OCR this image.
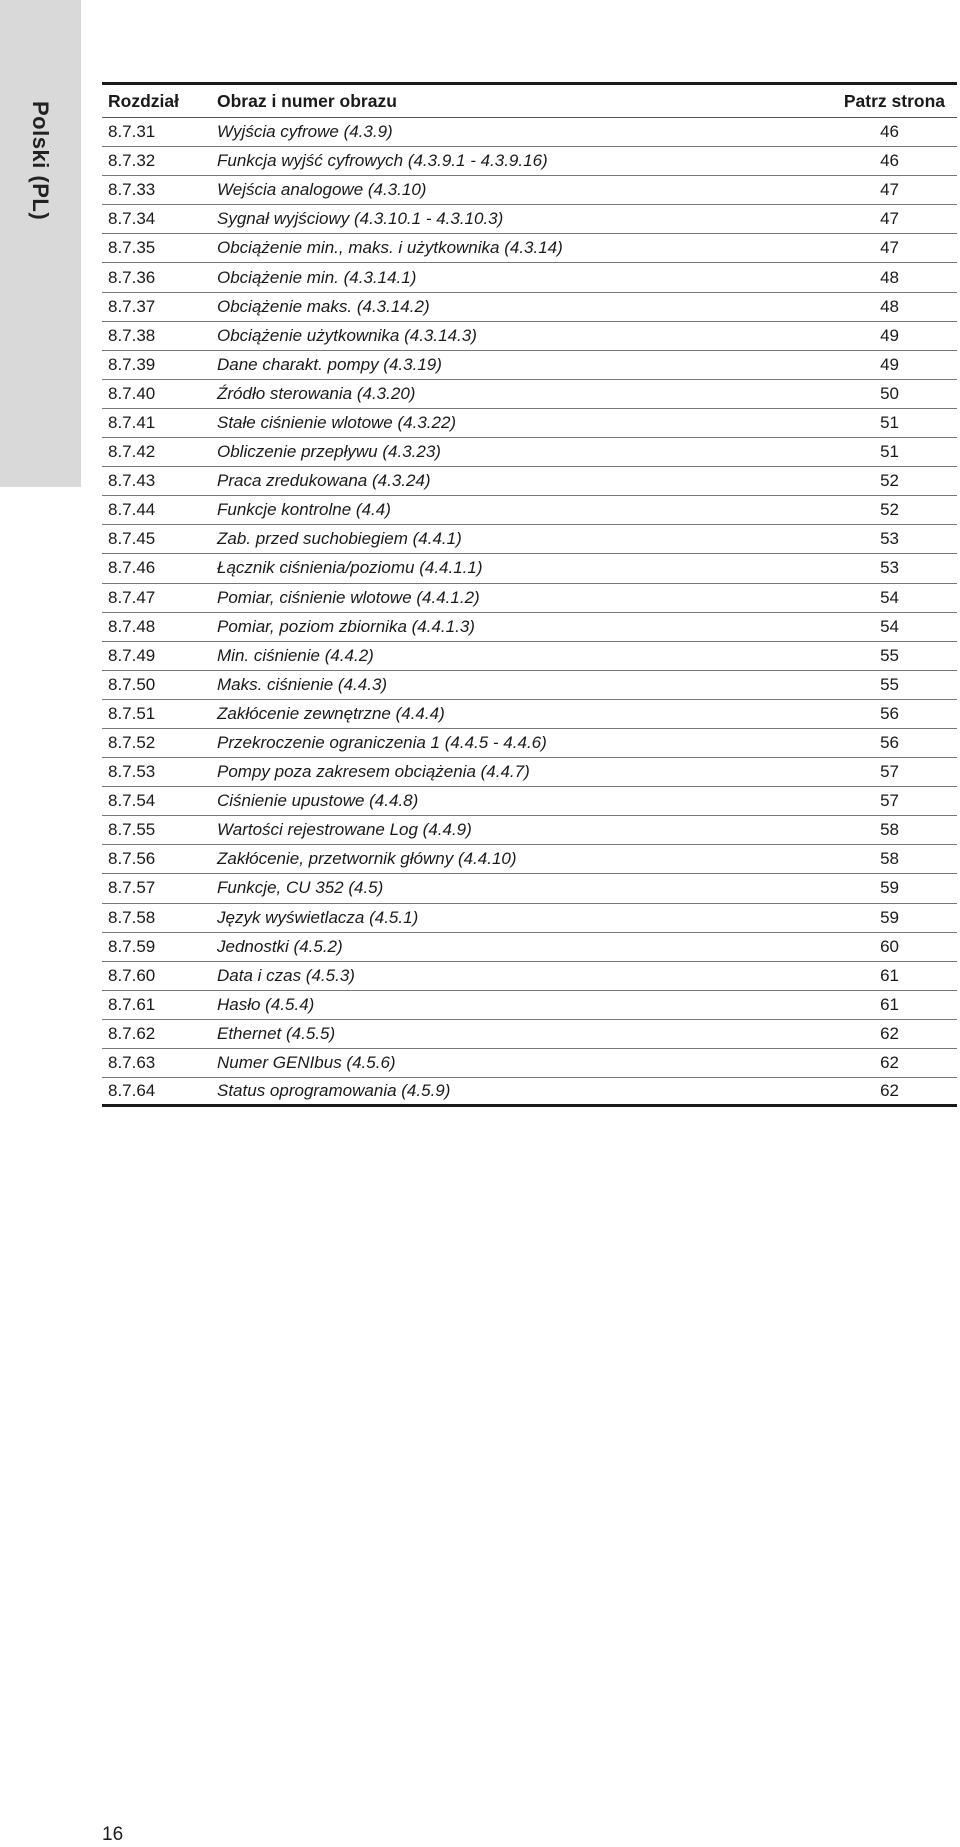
Polski (PL)
Rozdział	Obraz i numer obrazu	Patrz strona
8.7.31	Wyjścia cyfrowe (4.3.9)	46
8.7.32	Funkcja wyjść cyfrowych (4.3.9.1 - 4.3.9.16)	46
8.7.33	Wejścia analogowe (4.3.10)	47
8.7.34	Sygnał wyjściowy (4.3.10.1 - 4.3.10.3)	47
8.7.35	Obciążenie min., maks. i użytkownika (4.3.14)	47
8.7.36	Obciążenie min. (4.3.14.1)	48
8.7.37	Obciążenie maks. (4.3.14.2)	48
8.7.38	Obciążenie użytkownika (4.3.14.3)	49
8.7.39	Dane charakt. pompy (4.3.19)	49
8.7.40	Źródło sterowania (4.3.20)	50
8.7.41	Stałe ciśnienie wlotowe (4.3.22)	51
8.7.42	Obliczenie przepływu (4.3.23)	51
8.7.43	Praca zredukowana (4.3.24)	52
8.7.44	Funkcje kontrolne (4.4)	52
8.7.45	Zab. przed suchobiegiem (4.4.1)	53
8.7.46	Łącznik ciśnienia/poziomu (4.4.1.1)	53
8.7.47	Pomiar, ciśnienie wlotowe (4.4.1.2)	54
8.7.48	Pomiar, poziom zbiornika (4.4.1.3)	54
8.7.49	Min. ciśnienie (4.4.2)	55
8.7.50	Maks. ciśnienie (4.4.3)	55
8.7.51	Zakłócenie zewnętrzne (4.4.4)	56
8.7.52	Przekroczenie ograniczenia 1 (4.4.5 - 4.4.6)	56
8.7.53	Pompy poza zakresem obciążenia (4.4.7)	57
8.7.54	Ciśnienie upustowe (4.4.8)	57
8.7.55	Wartości rejestrowane Log (4.4.9)	58
8.7.56	Zakłócenie, przetwornik główny (4.4.10)	58
8.7.57	Funkcje, CU 352 (4.5)	59
8.7.58	Język wyświetlacza (4.5.1)	59
8.7.59	Jednostki (4.5.2)	60
8.7.60	Data i czas (4.5.3)	61
8.7.61	Hasło (4.5.4)	61
8.7.62	Ethernet (4.5.5)	62
8.7.63	Numer GENIbus (4.5.6)	62
8.7.64	Status oprogramowania (4.5.9)	62
16
